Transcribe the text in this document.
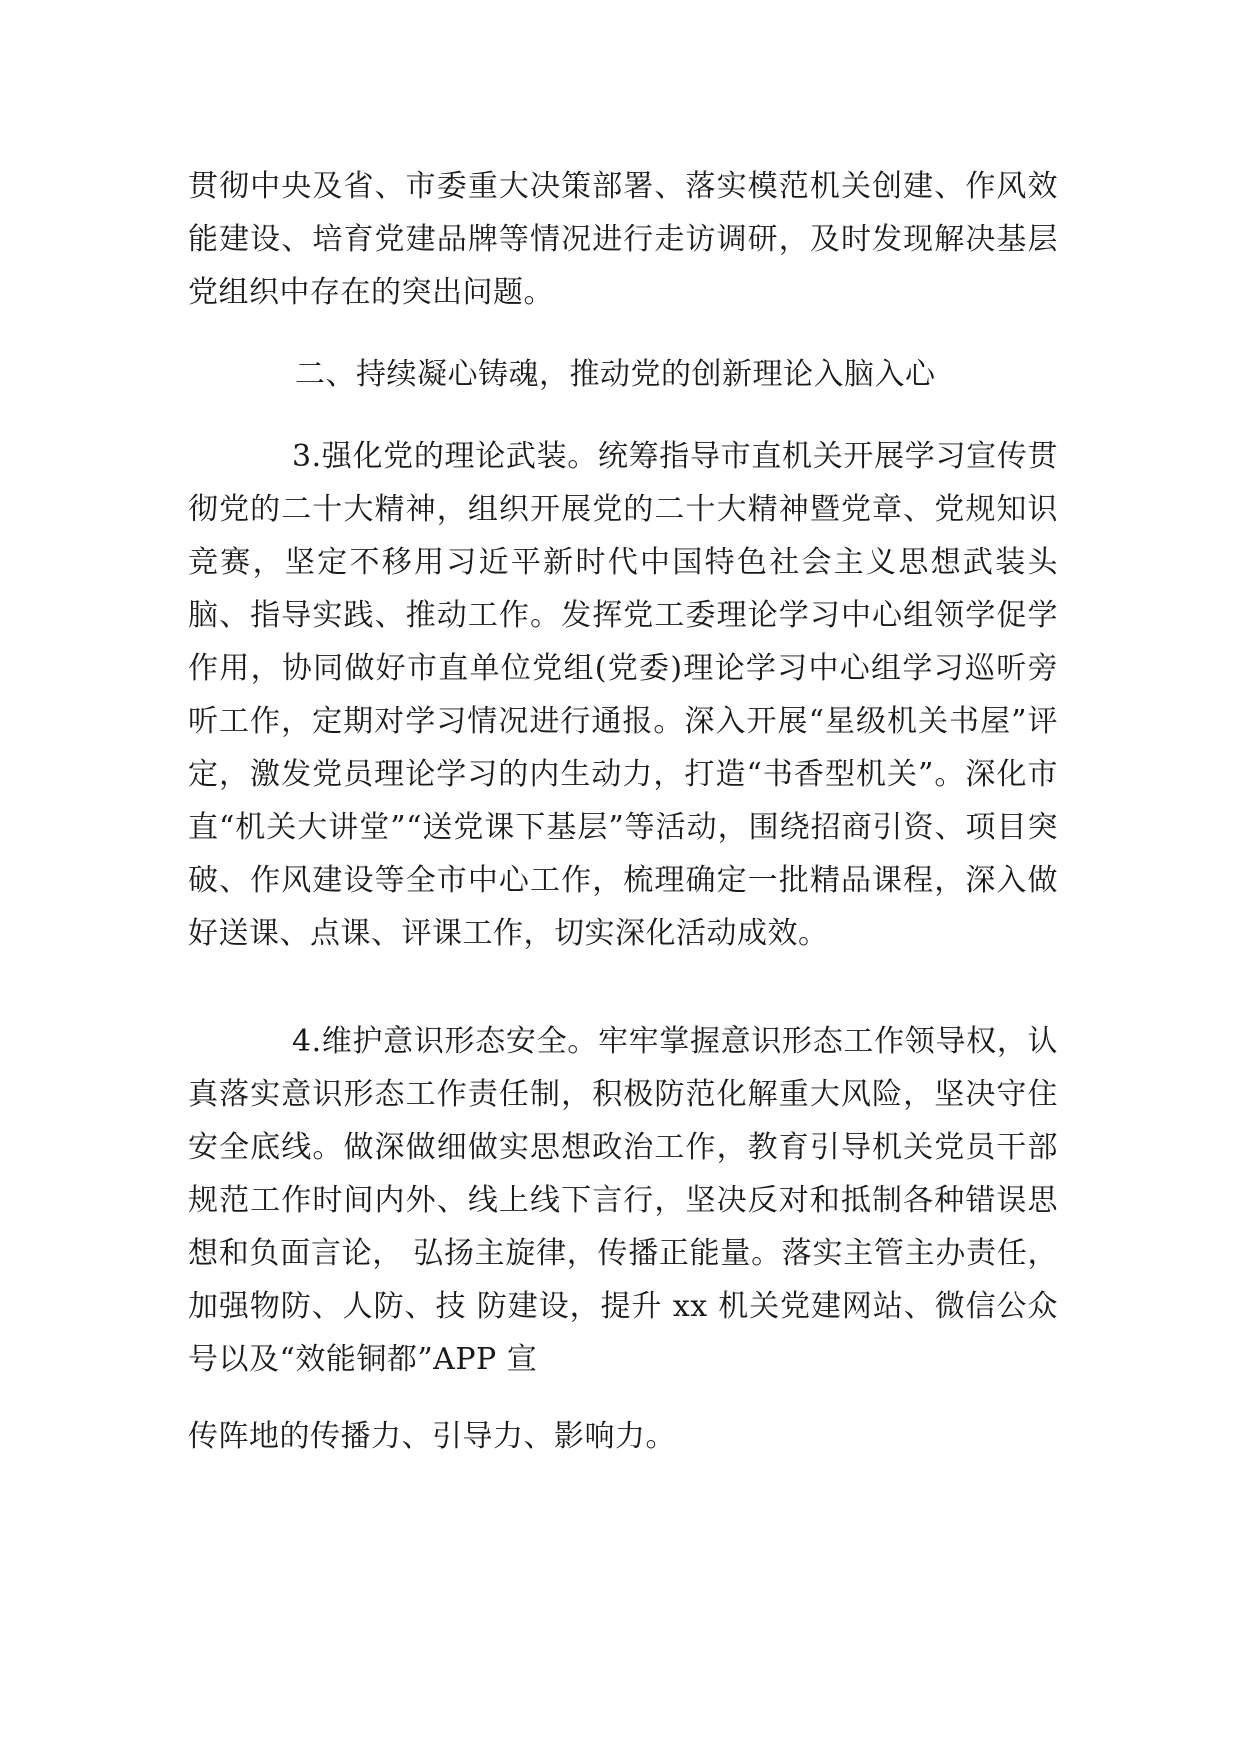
贯彻中央及省、市委重大决策部署、落实模范机关创建、作风效能建设、培育党建品牌等情况进行走访调研，及时发现解决基层党组织中存在的突出问题。

二、持续凝心铸魂，推动党的创新理论入脑入心

3.强化党的理论武装。统筹指导市直机关开展学习宣传贯彻党的二十大精神，组织开展党的二十大精神暨党章、党规知识竞赛，坚定不移用习近平新时代中国特色社会主义思想武装头脑、指导实践、推动工作。发挥党工委理论学习中心组领学促学作用，协同做好市直单位党组(党委)理论学习中心组学习巡听旁听工作，定期对学习情况进行通报。深入开展“星级机关书屋”评定，激发党员理论学习的内生动力，打造“书香型机关”。深化市直“机关大讲堂”“送党课下基层”等活动，围绕招商引资、项目突破、作风建设等全市中心工作，梳理确定一批精品课程，深入做好送课、点课、评课工作，切实深化活动成效。

4.维护意识形态安全。牢牢掌握意识形态工作领导权，认真落实意识形态工作责任制，积极防范化解重大风险，坚决守住安全底线。做深做细做实思想政治工作，教育引导机关党员干部规范工作时间内外、线上线下言行，坚决反对和抵制各种错误思想和负面言论， 弘扬主旋律，传播正能量。落实主管主办责任，加强物防、人防、技 防建设，提升 xx 机关党建网站、微信公众号以及“效能铜都”APP 宣

传阵地的传播力、引导力、影响力。
